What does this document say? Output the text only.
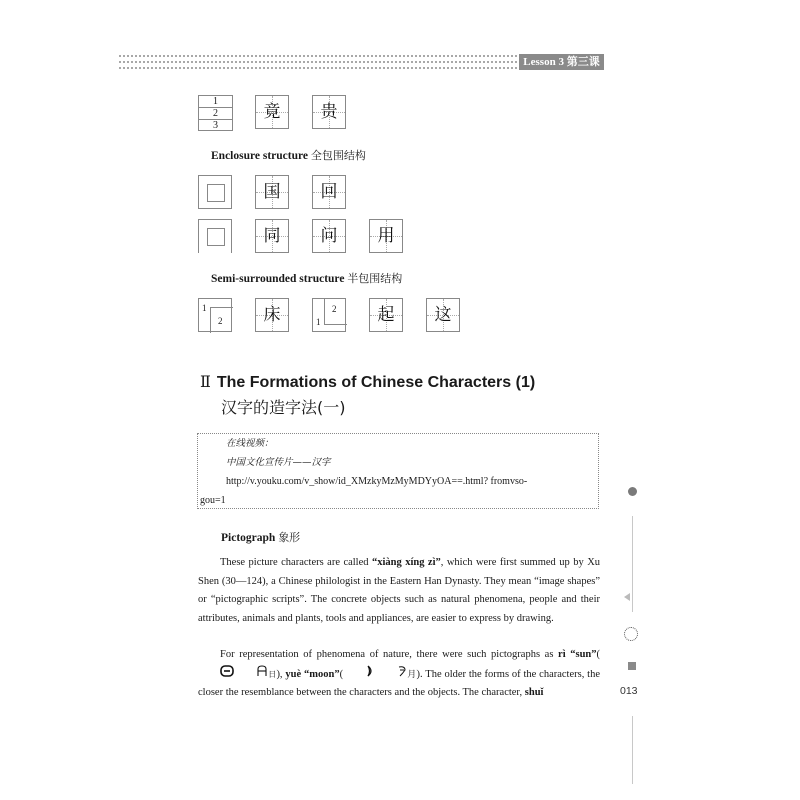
Lesson 3 第三课
1
2
3
竟	贵
Enclosure structure 全包围结构
国	回
同	问	用
Semi-surrounded structure 半包围结构
1
2	床	1
2	起	这
Ⅱ The Formations of Chinese Characters (1)
汉字的造字法(一)
在线视频：
中国文化宣传片——汉字
http://v.youku.com/v_show/id_XMzkyMzMyMDYyOA==.html? fromvso-
gou=1
Pictograph 象形

These picture characters are called “xiàng xíng zì”, which were first summed up by Xu Shen (30—124), a Chinese philologist in the Eastern Han Dynasty. They mean “image shapes” or “pictographic scripts”. The concrete objects such as natural phenomena, people and their attributes, animals and plants, tools and appliances, are easier to express by drawing.

For representation of phenomena of nature, there were such pictographs as rì “sun”(日), yuè “moon”(	月). The older the forms of the characters, the closer the resemblance between the characters and the objects. The character, shuǐ	013
